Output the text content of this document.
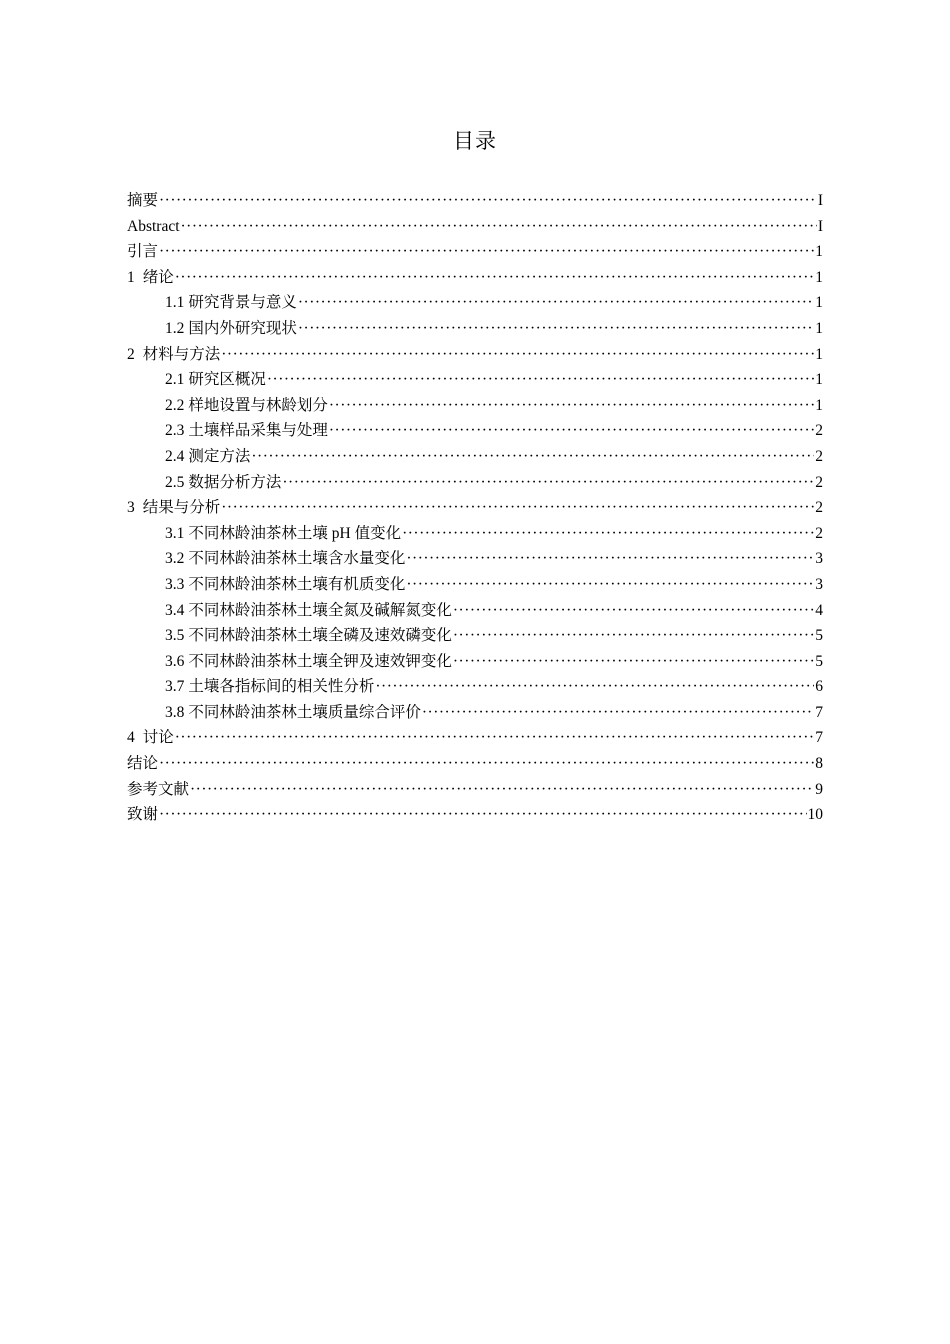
目录
摘要 ·····	I
Abstract ·····	I
引言 ·····	1
1 绪论 ·····	1
1.1 研究背景与意义 ·····	1
1.2 国内外研究现状 ·····	1
2 材料与方法 ·····	1
2.1 研究区概况 ·····	1
2.2 样地设置与林龄划分 ·····	1
2.3 土壤样品采集与处理 ·····	2
2.4 测定方法 ·····	2
2.5 数据分析方法 ·····	2
3 结果与分析 ·····	2
3.1 不同林龄油茶林土壤 pH 值变化 ·····	2
3.2 不同林龄油茶林土壤含水量变化 ·····	3
3.3 不同林龄油茶林土壤有机质变化 ·····	3
3.4 不同林龄油茶林土壤全氮及碱解氮变化 ·····	4
3.5 不同林龄油茶林土壤全磷及速效磷变化 ·····	5
3.6 不同林龄油茶林土壤全钾及速效钾变化 ·····	5
3.7 土壤各指标间的相关性分析 ·····	6
3.8 不同林龄油茶林土壤质量综合评价 ·····	7
4 讨论 ·····	7
结论 ·····	8
参考文献 ·····	9
致谢 ·····	10
